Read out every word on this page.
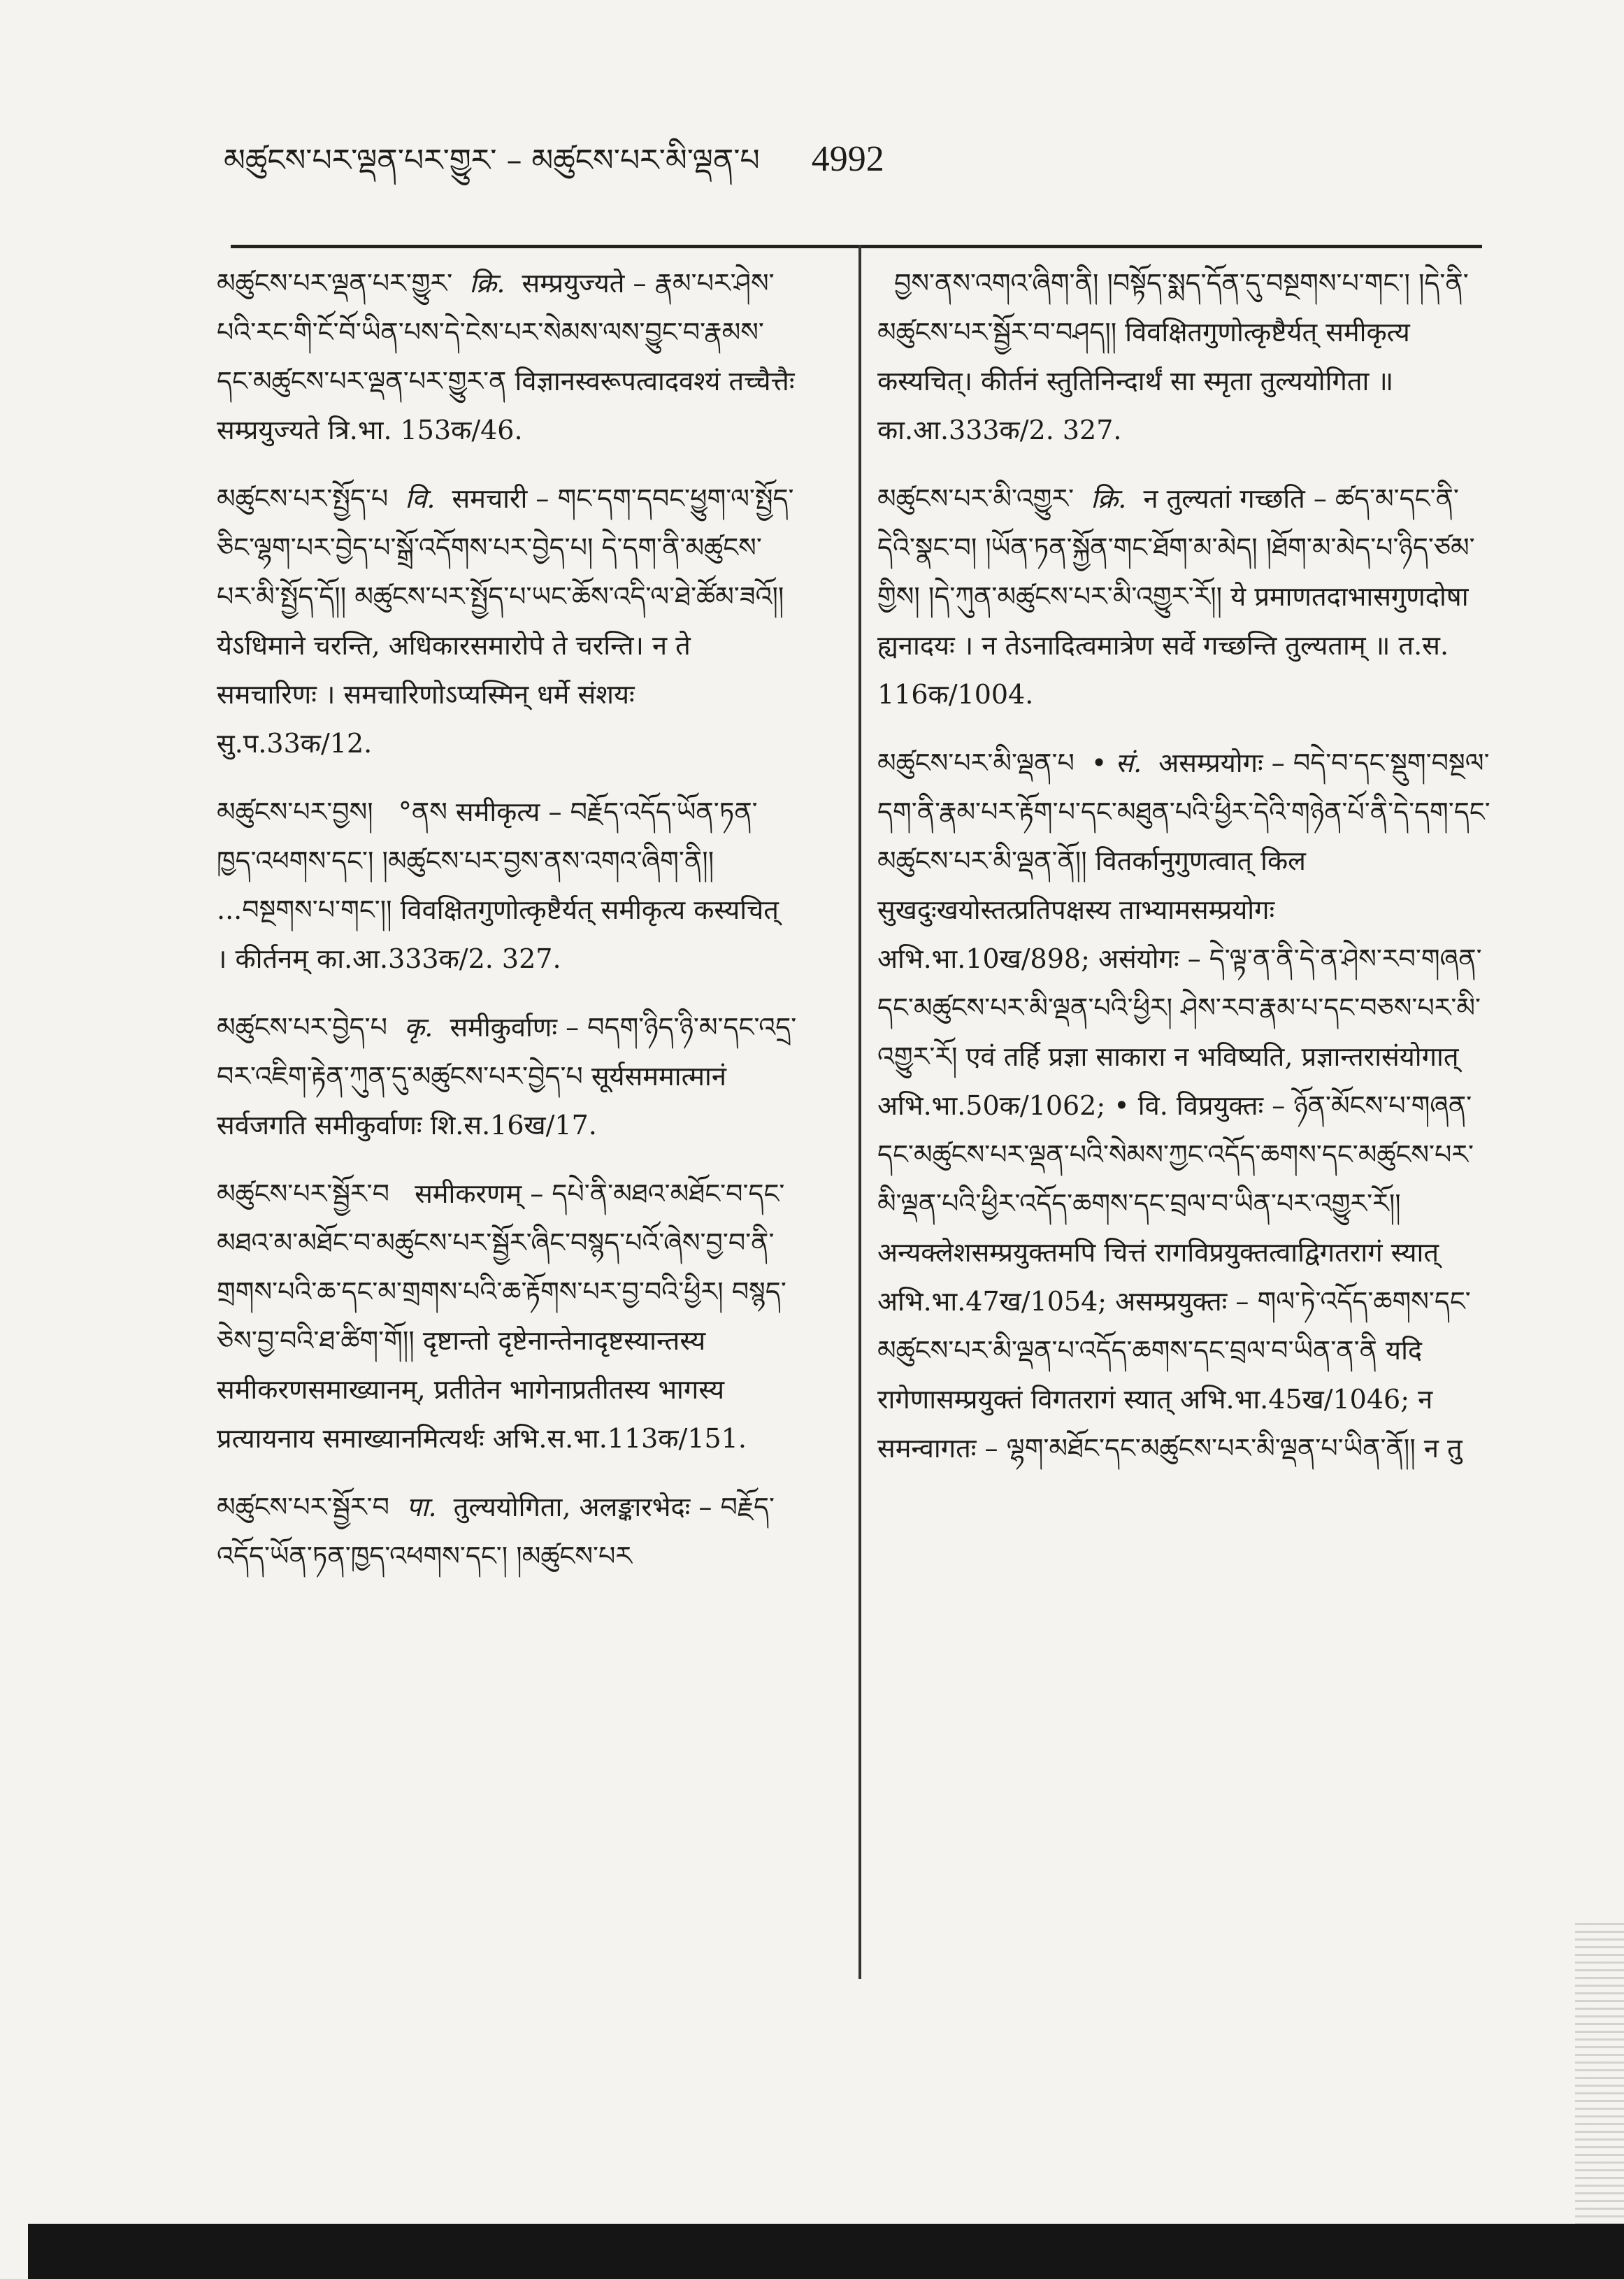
མཚུངས་པར་ལྡན་པར་གྱུར་ – མཚུངས་པར་མི་ལྡན་པ 4992
མཚུངས་པར་ལྡན་པར་གྱུར་ क्रि. सम्प्रयुज्यते – རྣམ་པར་ཤེས་པའི་རང་གི་ངོ་བོ་ཡིན་པས་དེ་ངེས་པར་སེམས་ལས་བྱུང་བ་རྣམས་དང་མཚུངས་པར་ལྡན་པར་གྱུར་ན विज्ञानस्वरूपत्वादवश्यं तच्चैत्तैः सम्प्रयुज्यते त्रि.भा. 153क/46.
མཚུངས་པར་སྤྱོད་པ वि. समचारी – གང་དག་དབང་ཕྱུག་ལ་སྤྱོད་ཅིང་ལྷག་པར་བྱེད་པ་སྒྲོ་འདོགས་པར་བྱེད་པ། དེ་དག་ནི་མཚུངས་པར་མི་སྤྱོད་དོ།། མཚུངས་པར་སྤྱོད་པ་ཡང་ཆོས་འདི་ལ་ཐེ་ཚོམ་ཟའོ།། येऽधिमाने चरन्ति, अधिकारसमारोपे ते चरन्ति। न ते समचारिणः । समचारिणोऽप्यस्मिन् धर्मे संशयः सु.प.33क/12.
མཚུངས་པར་བྱས། °ནས समीकृत्य – བརྗོད་འདོད་ཡོན་ཏན་ཁྱད་འཕགས་དང་། །མཚུངས་པར་བྱས་ནས་འགའ་ཞིག་ནི།། ...བསྔགས་པ་གང་།། विवक्षितगुणोत्कृष्टैर्यत् समीकृत्य कस्यचित् । कीर्तनम् का.आ.333क/2. 327.
མཚུངས་པར་བྱེད་པ कृ. समीकुर्वाणः – བདག་ཉིད་ཉི་མ་དང་འདྲ་བར་འཇིག་རྟེན་ཀུན་དུ་མཚུངས་པར་བྱེད་པ सूर्यसममात्मानं सर्वजगति समीकुर्वाणः शि.स.16ख/17.
མཚུངས་པར་སྦྱོར་བ समीकरणम् – དཔེ་ནི་མཐའ་མཐོང་བ་དང་མཐའ་མ་མཐོང་བ་མཚུངས་པར་སྦྱོར་ཞིང་བསྙད་པའོ་ཞེས་བྱ་བ་ནི་གྲགས་པའི་ཆ་དང་མ་གྲགས་པའི་ཆ་རྟོགས་པར་བྱ་བའི་ཕྱིར། བསྙད་ཅེས་བྱ་བའི་ཐ་ཚིག་གོ།། दृष्टान्तो दृष्टेनान्तेनादृष्टस्यान्तस्य समीकरणसमाख्यानम्, प्रतीतेन भागेनाप्रतीतस्य भागस्य प्रत्यायनाय समाख्यानमित्यर्थः अभि.स.भा.113क/151.
མཚུངས་པར་སྦྱོར་བ पा. तुल्ययोगिता, अलङ्कारभेदः – བརྗོད་འདོད་ཡོན་ཏན་ཁྱད་འཕགས་དང་། །མཚུངས་པར
བྱས་ནས་འགའ་ཞིག་ནི། །བསྟོད་སྨད་དོན་དུ་བསྔགས་པ་གང་། །དེ་ནི་མཚུངས་པར་སྦྱོར་བ་བཤད།། विवक्षितगुणोत्कृष्टैर्यत् समीकृत्य कस्यचित्। कीर्तनं स्तुतिनिन्दार्थं सा स्मृता तुल्ययोगिता ॥ का.आ.333क/2. 327.
མཚུངས་པར་མི་འགྱུར་ क्रि. न तुल्यतां गच्छति – ཚད་མ་དང་ནི་དེའི་སྣང་བ། །ཡོན་ཏན་སྐྱོན་གང་ཐོག་མ་མེད། །ཐོག་མ་མེད་པ་ཉིད་ཙམ་གྱིས། །དེ་ཀུན་མཚུངས་པར་མི་འགྱུར་རོ།། ये प्रमाणतदाभासगुणदोषा ह्यनादयः । न तेऽनादित्वमात्रेण सर्वे गच्छन्ति तुल्यताम् ॥ त.स. 116क/1004.
མཚུངས་པར་མི་ལྡན་པ • सं. असम्प्रयोगः – བདེ་བ་དང་སྡུག་བསྔལ་དག་ནི་རྣམ་པར་རྟོག་པ་དང་མཐུན་པའི་ཕྱིར་དེའི་གཉེན་པོ་ནི་དེ་དག་དང་མཚུངས་པར་མི་ལྡན་ནོ།། वितर्कानुगुणत्वात् किल सुखदुःखयोस्तत्प्रतिपक्षस्य ताभ्यामसम्प्रयोगः अभि.भा.10ख/898; असंयोगः – དེ་ལྟ་ན་ནི་དེ་ན་ཤེས་རབ་གཞན་དང་མཚུངས་པར་མི་ལྡན་པའི་ཕྱིར། ཤེས་རབ་རྣམ་པ་དང་བཅས་པར་མི་འགྱུར་རོ། एवं तर्हि प्रज्ञा साकारा न भविष्यति, प्रज्ञान्तरासंयोगात् अभि.भा.50क/1062; • वि. विप्रयुक्तः – ཉོན་མོངས་པ་གཞན་དང་མཚུངས་པར་ལྡན་པའི་སེམས་ཀྱང་འདོད་ཆགས་དང་མཚུངས་པར་མི་ལྡན་པའི་ཕྱིར་འདོད་ཆགས་དང་བྲལ་བ་ཡིན་པར་འགྱུར་རོ།། अन्यक्लेशसम्प्रयुक्तमपि चित्तं रागविप्रयुक्तत्वाद्विगतरागं स्यात् अभि.भा.47ख/1054; असम्प्रयुक्तः – གལ་ཏེ་འདོད་ཆགས་དང་མཚུངས་པར་མི་ལྡན་པ་འདོད་ཆགས་དང་བྲལ་བ་ཡིན་ན་ནི यदि रागेणासम्प्रयुक्तं विगतरागं स्यात् अभि.भा.45ख/1046; न समन्वागतः – ལྷག་མཐོང་དང་མཚུངས་པར་མི་ལྡན་པ་ཡིན་ནོ།། न तु
